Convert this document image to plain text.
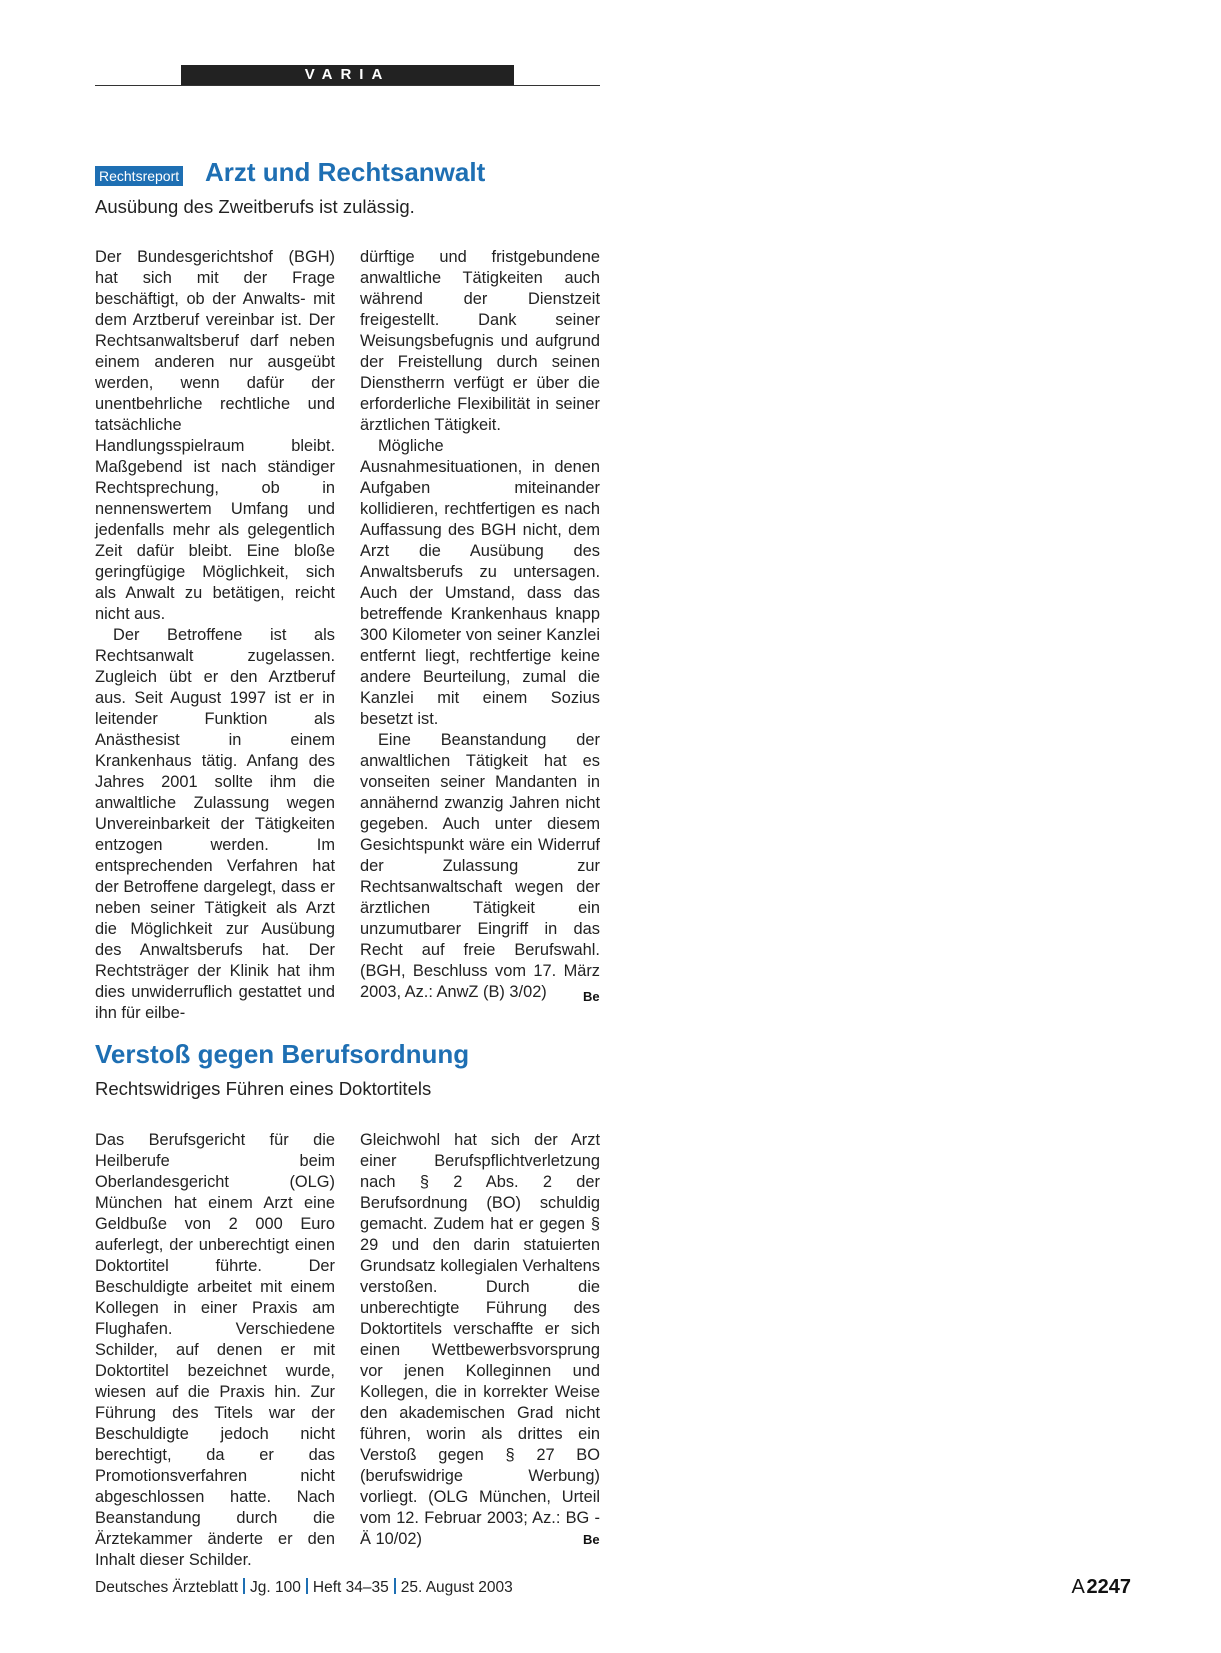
VARIA
Rechtsreport Arzt und Rechtsanwalt

Ausübung des Zweitberufs ist zulässig.

Der Bundesgerichtshof (BGH) hat sich mit der Frage beschäftigt, ob der Anwalts- mit dem Arztberuf vereinbar ist. Der Rechtsanwaltsberuf darf neben einem anderen nur ausgeübt werden, wenn dafür der unentbehrliche rechtliche und tatsächliche Handlungsspielraum bleibt. Maßgebend ist nach ständiger Rechtsprechung, ob in nennenswertem Umfang und jedenfalls mehr als gelegentlich Zeit dafür bleibt. Eine bloße geringfügige Möglichkeit, sich als Anwalt zu betätigen, reicht nicht aus.

Der Betroffene ist als Rechtsanwalt zugelassen. Zugleich übt er den Arztberuf aus. Seit August 1997 ist er in leitender Funktion als Anästhesist in einem Krankenhaus tätig. Anfang des Jahres 2001 sollte ihm die anwaltliche Zulassung wegen Unvereinbarkeit der Tätigkeiten entzogen werden. Im entsprechenden Verfahren hat der Betroffene dargelegt, dass er neben seiner Tätigkeit als Arzt die Möglichkeit zur Ausübung des Anwaltsberufs hat. Der Rechtsträger der Klinik hat ihm dies unwiderruflich gestattet und ihn für eilbe-

dürftige und fristgebundene anwaltliche Tätigkeiten auch während der Dienstzeit freigestellt. Dank seiner Weisungsbefugnis und aufgrund der Freistellung durch seinen Dienstherrn verfügt er über die erforderliche Flexibilität in seiner ärztlichen Tätigkeit.

Mögliche Ausnahmesituationen, in denen Aufgaben miteinander kollidieren, rechtfertigen es nach Auffassung des BGH nicht, dem Arzt die Ausübung des Anwaltsberufs zu untersagen. Auch der Umstand, dass das betreffende Krankenhaus knapp 300 Kilometer von seiner Kanzlei entfernt liegt, rechtfertige keine andere Beurteilung, zumal die Kanzlei mit einem Sozius besetzt ist.

Eine Beanstandung der anwaltlichen Tätigkeit hat es vonseiten seiner Mandanten in annähernd zwanzig Jahren nicht gegeben. Auch unter diesem Gesichtspunkt wäre ein Widerruf der Zulassung zur Rechtsanwaltschaft wegen der ärztlichen Tätigkeit ein unzumutbarer Eingriff in das Recht auf freie Berufswahl. (BGH, Beschluss vom 17. März 2003, Az.: AnwZ (B) 3/02)	Be
Verstoß gegen Berufsordnung

Rechtswidriges Führen eines Doktortitels

Das Berufsgericht für die Heilberufe beim Oberlandesgericht (OLG) München hat einem Arzt eine Geldbuße von 2 000 Euro auferlegt, der unberechtigt einen Doktortitel führte. Der Beschuldigte arbeitet mit einem Kollegen in einer Praxis am Flughafen. Verschiedene Schilder, auf denen er mit Doktortitel bezeichnet wurde, wiesen auf die Praxis hin. Zur Führung des Titels war der Beschuldigte jedoch nicht berechtigt, da er das Promotionsverfahren nicht abgeschlossen hatte. Nach Beanstandung durch die Ärztekammer änderte er den Inhalt dieser Schilder.

Gleichwohl hat sich der Arzt einer Berufspflichtverletzung nach § 2 Abs. 2 der Berufsordnung (BO) schuldig gemacht. Zudem hat er gegen § 29 und den darin statuierten Grundsatz kollegialen Verhaltens verstoßen. Durch die unberechtigte Führung des Doktortitels verschaffte er sich einen Wettbewerbsvorsprung vor jenen Kolleginnen und Kollegen, die in korrekter Weise den akademischen Grad nicht führen, worin als drittes ein Verstoß gegen § 27 BO (berufswidrige Werbung) vorliegt. (OLG München, Urteil vom 12. Februar 2003; Az.: BG - Ä 10/02)	Be
Deutsches Ärzteblatt Jg. 100 Heft 34–35 25. August 2003	A 2247
